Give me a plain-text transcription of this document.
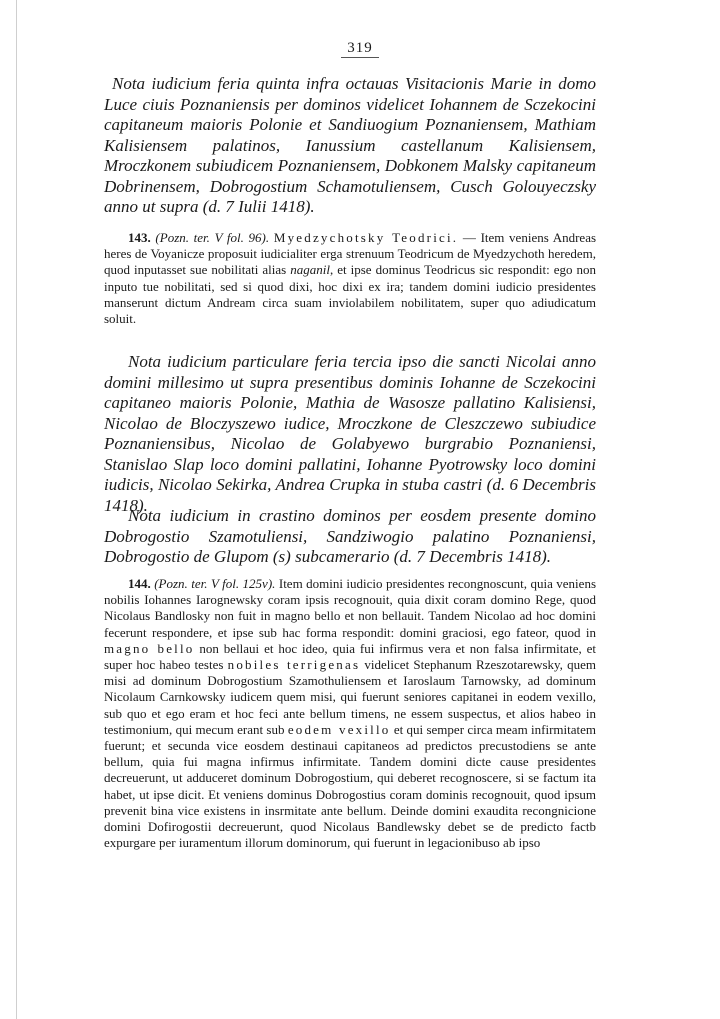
319

Nota iudicium feria quinta infra octauas Visitacionis Marie in domo Luce ciuis Poznaniensis per dominos videlicet Iohannem de Sczekocini capitaneum maioris Polonie et Sandiuogium Poznaniensem, Mathiam Kalisiensem palatinos, Ianussium castellanum Kalisiensem, Mroczkonem subiudicem Poznaniensem, Dobkonem Malsky capitaneum Dobrinensem, Dobrogostium Schamotuliensem, Cusch Golouyeczsky anno ut supra (d. 7 Iulii 1418).

143. (Pozn. ter. V fol. 96). Myedzychotsky Teodrici. — Item veniens Andreas heres de Voyanicze proposuit iudicialiter erga strenuum Teodricum de Myedzychoth heredem, quod inputasset sue nobilitati alias naganil, et ipse dominus Teodricus sic respondit: ego non inputo tue nobilitati, sed si quod dixi, hoc dixi ex ira; tandem domini iudicio presidentes manserunt dictum Andream circa suam inviolabilem nobilitatem, super quo adiudicatum soluit.

Nota iudicium particulare feria tercia ipso die sancti Nicolai anno domini millesimo ut supra presentibus dominis Iohanne de Sczekocini capitaneo maioris Polonie, Mathia de Wasosze pallatino Kalisiensi, Nicolao de Bloczyszewo iudice, Mroczkone de Cleszczewo subiudice Poznaniensibus, Nicolao de Golabyewo burgrabio Poznaniensi, Stanislao Slap loco domini pallatini, Iohanne Pyotrowsky loco domini iudicis, Nicolao Sekirka, Andrea Crupka in stuba castri (d. 6 Decembris 1418).

Nota iudicium in crastino dominos per eosdem presente domino Dobrogostio Szamotuliensi, Sandziwogio palatino Poznaniensi, Dobrogostio de Glupom (s) subcamerario (d. 7 Decembris 1418).

144. (Pozn. ter. V fol. 125v). Item domini iudicio presidentes recongnoscunt, quia veniens nobilis Iohannes Iarognewsky coram ipsis recognouit, quia dixit coram domino Rege, quod Nicolaus Bandlosky non fuit in magno bello et non bellauit. Tandem Nicolao ad hoc domini fecerunt respondere, et ipse sub hac forma respondit: domini graciosi, ego fateor, quod in magno bello non bellaui et hoc ideo, quia fui infirmus vera et non falsa infirmitate, et super hoc habeo testes nobiles terrigenas videlicet Stephanum Rzeszotarewsky, quem misi ad dominum Dobrogostium Szamothuliensem et Iaroslaum Tarnowsky, ad dominum Nicolaum Carnkowsky iudicem quem misi, qui fuerunt seniores capitanei in eodem vexillo, sub quo et ego eram et hoc feci ante bellum timens, ne essem suspectus, et alios habeo in testimonium, qui mecum erant sub eodem vexillo et qui semper circa meam infirmitatem fuerunt; et secunda vice eosdem destinaui capitaneos ad predictos precustodiens se ante bellum, quia fui magna infirmus infirmitate. Tandem domini dicte cause presidentes decreuerunt, ut adduceret dominum Dobrogostium, qui deberet recognoscere, si se factum ita habet, ut ipse dicit. Et veniens dominus Dobrogostius coram dominis recognouit, quod ipsum prevenit bina vice existens in insrmitate ante bellum. Deinde domini exaudita recongnicione domini Dofirogostii decreuerunt, quod Nicolaus Bandlewsky debet se de predicto factb expurgare per iuramentum illorum dominorum, qui fuerunt in legacionibuso ab ipso
